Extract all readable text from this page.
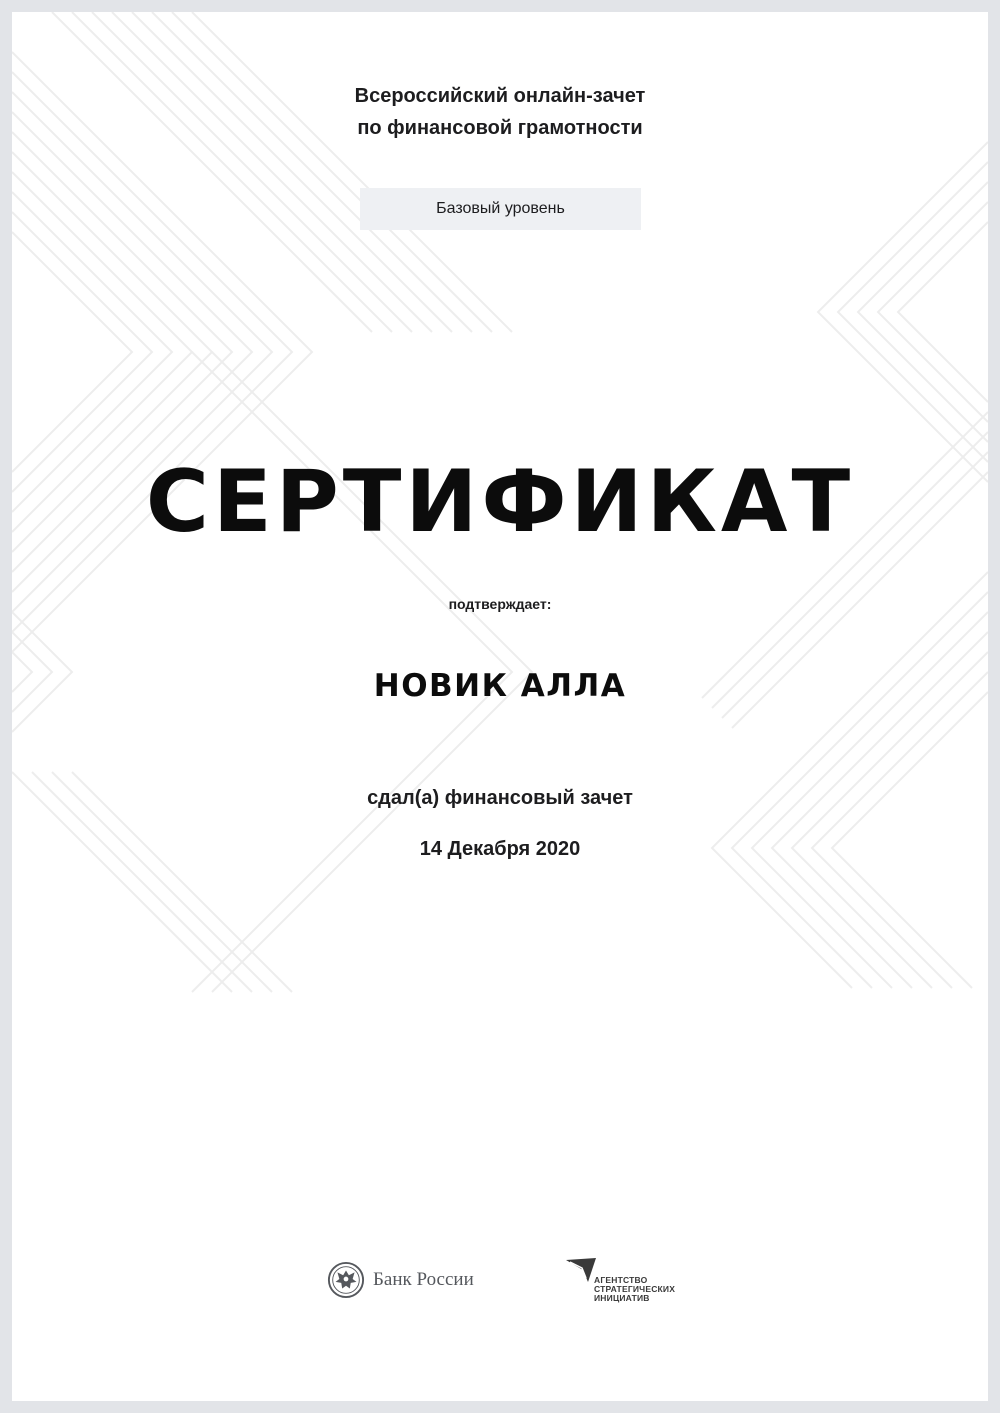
Всероссийский онлайн-зачет
по финансовой грамотности
Базовый уровень
СЕРТИФИКАТ
подтверждает:
НОВИК АЛЛА
сдал(а) финансовый зачет
14 Декабря 2020
Банк России	АГЕНТСТВО
СТРАТЕГИЧЕСКИХ
ИНИЦИАТИВ
